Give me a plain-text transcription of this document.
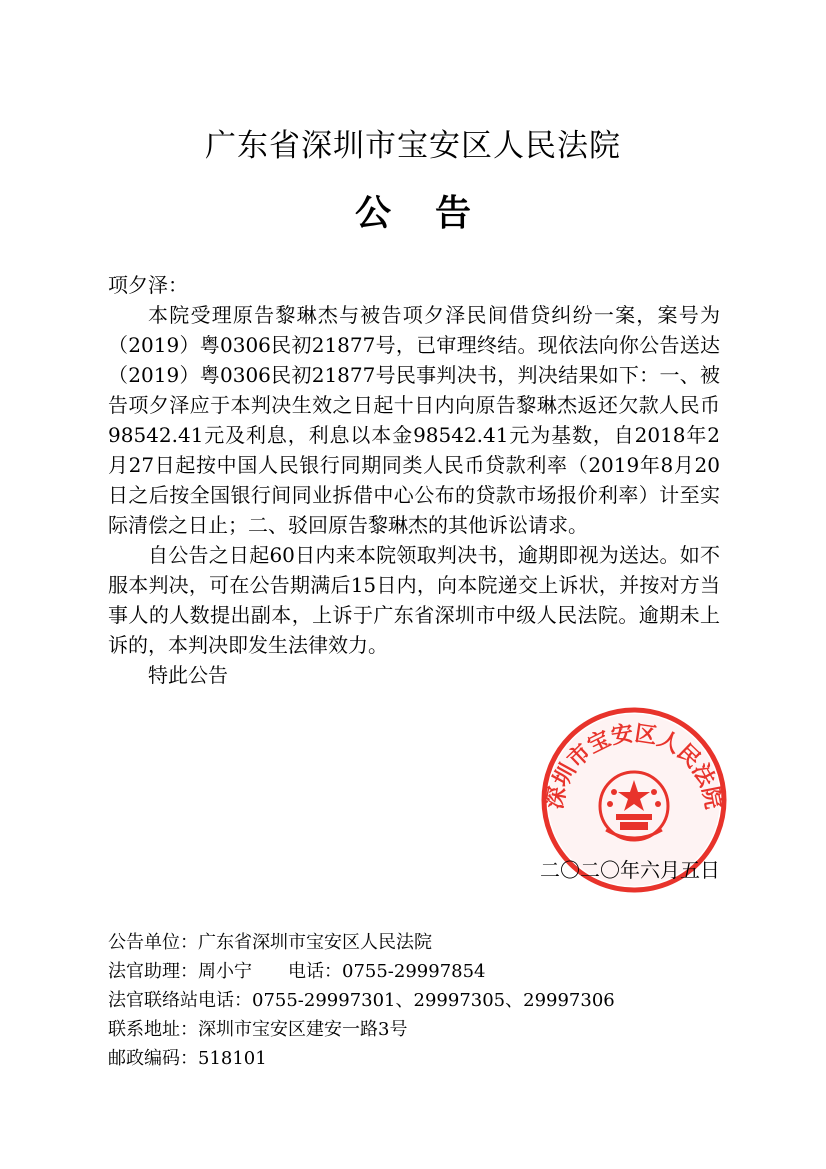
广东省深圳市宝安区人民法院
公 告

项夕泽：

本院受理原告黎琳杰与被告项夕泽民间借贷纠纷一案，案号为（2019）粤0306民初21877号，已审理终结。现依法向你公告送达（2019）粤0306民初21877号民事判决书，判决结果如下：一、被告项夕泽应于本判决生效之日起十日内向原告黎琳杰返还欠款人民币98542.41元及利息，利息以本金98542.41元为基数，自2018年2月27日起按中国人民银行同期同类人民币贷款利率（2019年8月20日之后按全国银行间同业拆借中心公布的贷款市场报价利率）计至实际清偿之日止；二、驳回原告黎琳杰的其他诉讼请求。

自公告之日起60日内来本院领取判决书，逾期即视为送达。如不服本判决，可在公告期满后15日内，向本院递交上诉状，并按对方当事人的人数提出副本，上诉于广东省深圳市中级人民法院。逾期未上诉的，本判决即发生法律效力。

特此公告

深圳市宝安区人民法院
二〇二〇年六月五日
公告单位：广东省深圳市宝安区人民法院
法官助理：周小宁 电话：0755-29997854
法官联络站电话：0755-29997301、29997305、29997306
联系地址：深圳市宝安区建安一路3号
邮政编码：518101
